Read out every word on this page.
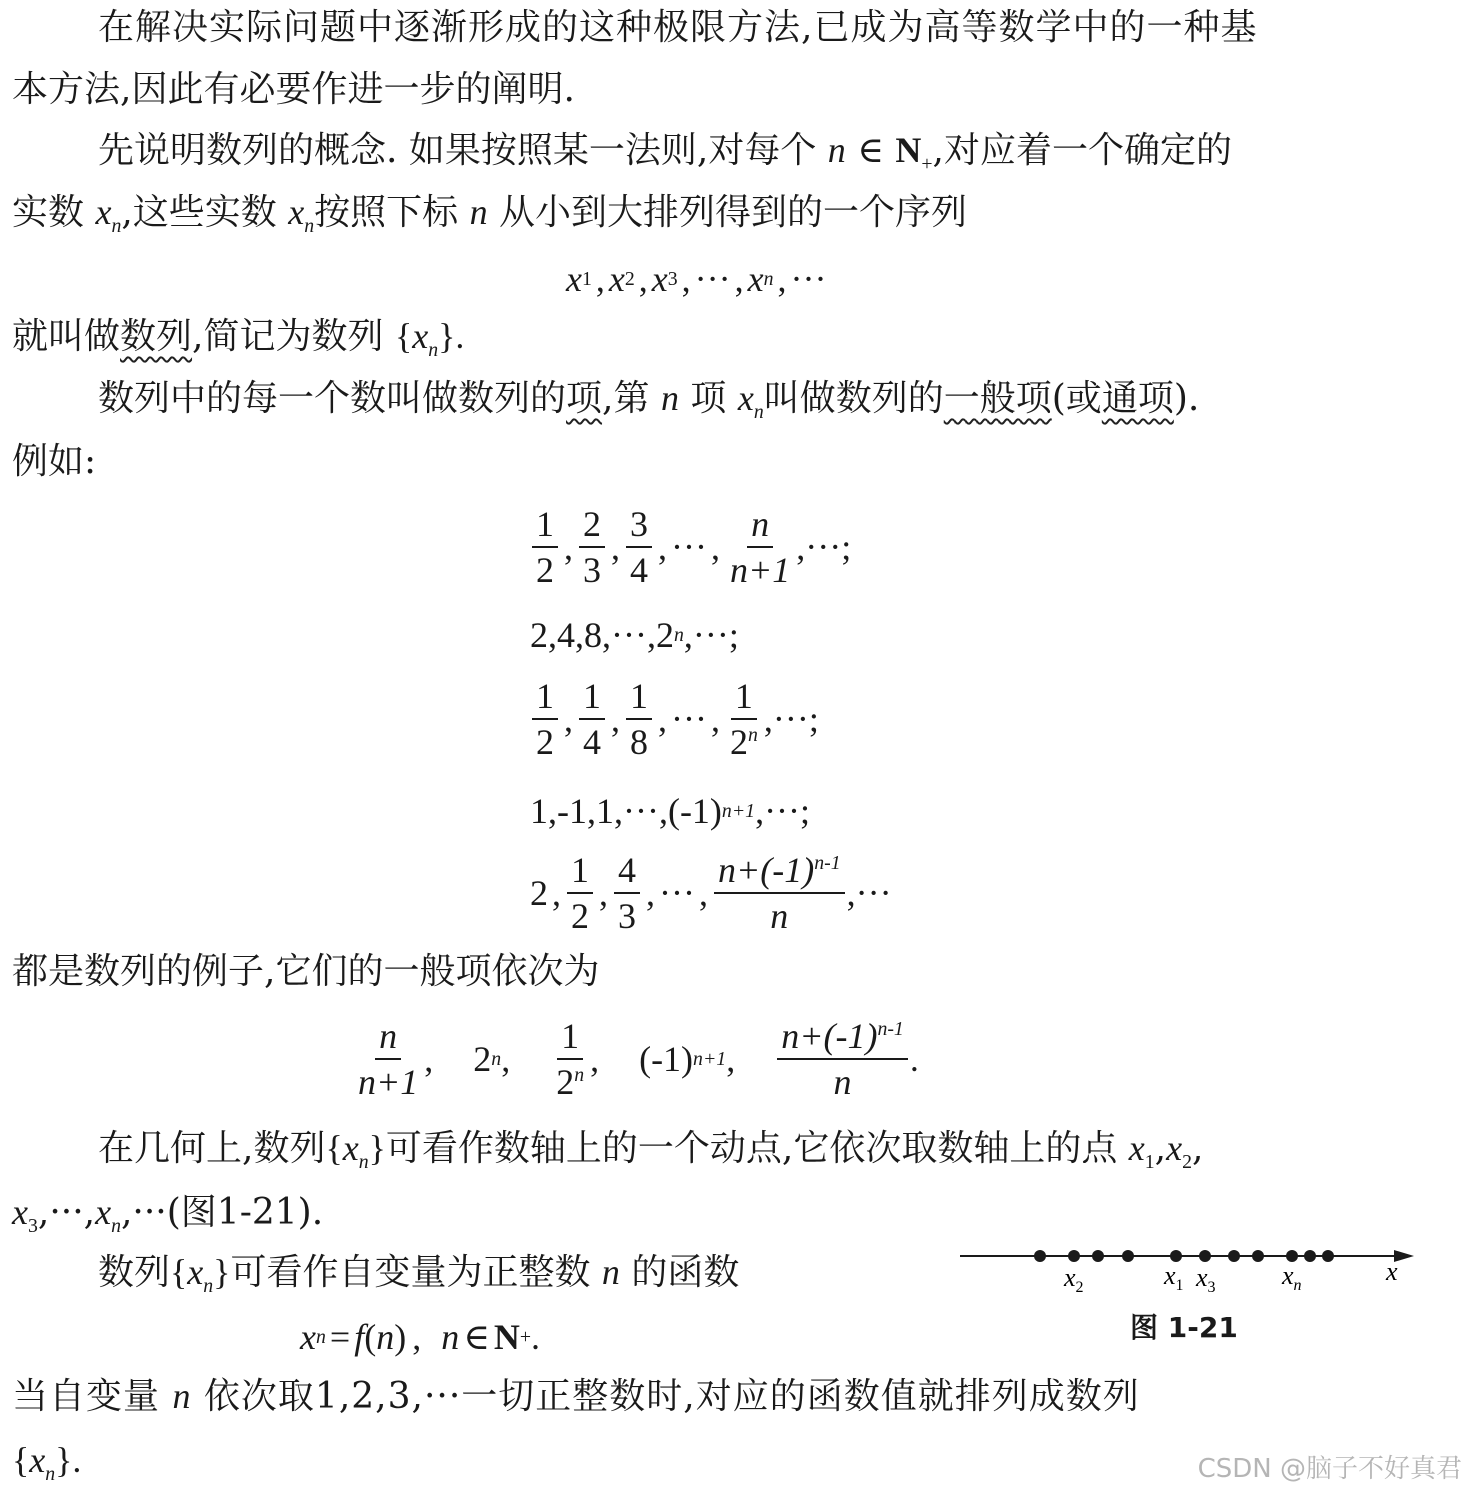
在解决实际问题中逐渐形成的这种极限方法,已成为高等数学中的一种基
本方法,因此有必要作进一步的阐明.
先说明数列的概念. 如果按照某一法则,对每个 n ∈ $N_+$,对应着一个确定的
实数 $x_n$,这些实数 $x_n$按照下标 n 从小到大排列得到的一个序列
x 1 , x 2 , x 3 , ··· , x n , ···
就叫做数列,简记为数列 $\{x_n\}$.
数列中的每一个数叫做数列的项,第 n 项 $x_n$叫做数列的一般项(或通项).
例如:
$\frac{1}{2}$ , $\frac{2}{3}$ , $\frac{3}{4}$ , ··· , $\frac{n}{n+1}$ ,···;
2,4,8,···,2 n ,···;
$\frac{1}{2}$ , $\frac{1}{4}$ , $\frac{1}{8}$ , ··· , $\frac{1}{2^n}$ ,···;
1,-1,1,···,(-1) n+1 ,···;
2 , $\frac{1}{2}$ , $\frac{4}{3}$ , ··· , $\frac{n+(-1)^{n-1}}{n}$ ,···
都是数列的例子,它们的一般项依次为
$\frac{n}{n+1}$ , 2 n , $\frac{1}{2^n}$ , (-1) n+1 , $\frac{n+(-1)^{n-1}}{n}$ .
在几何上,数列$\{x_n\}$可看作数轴上的一个动点,它依次取数轴上的点 $x_1,x_2$,
$x_3,\cdot\cdot\cdot,x_n,\cdot\cdot\cdot$(图1-21).
数列$\{x_n\}$可看作自变量为正整数 n 的函数
x n = f ( n ) , n ∈ N + .
$x_2$	$x_1$ $x_3$	$x_n$	x
图 1-21
当自变量 n 依次取1,2,3,···一切正整数时,对应的函数值就排列成数列
$\{x_n\}$.	CSDN @脑子不好真君
